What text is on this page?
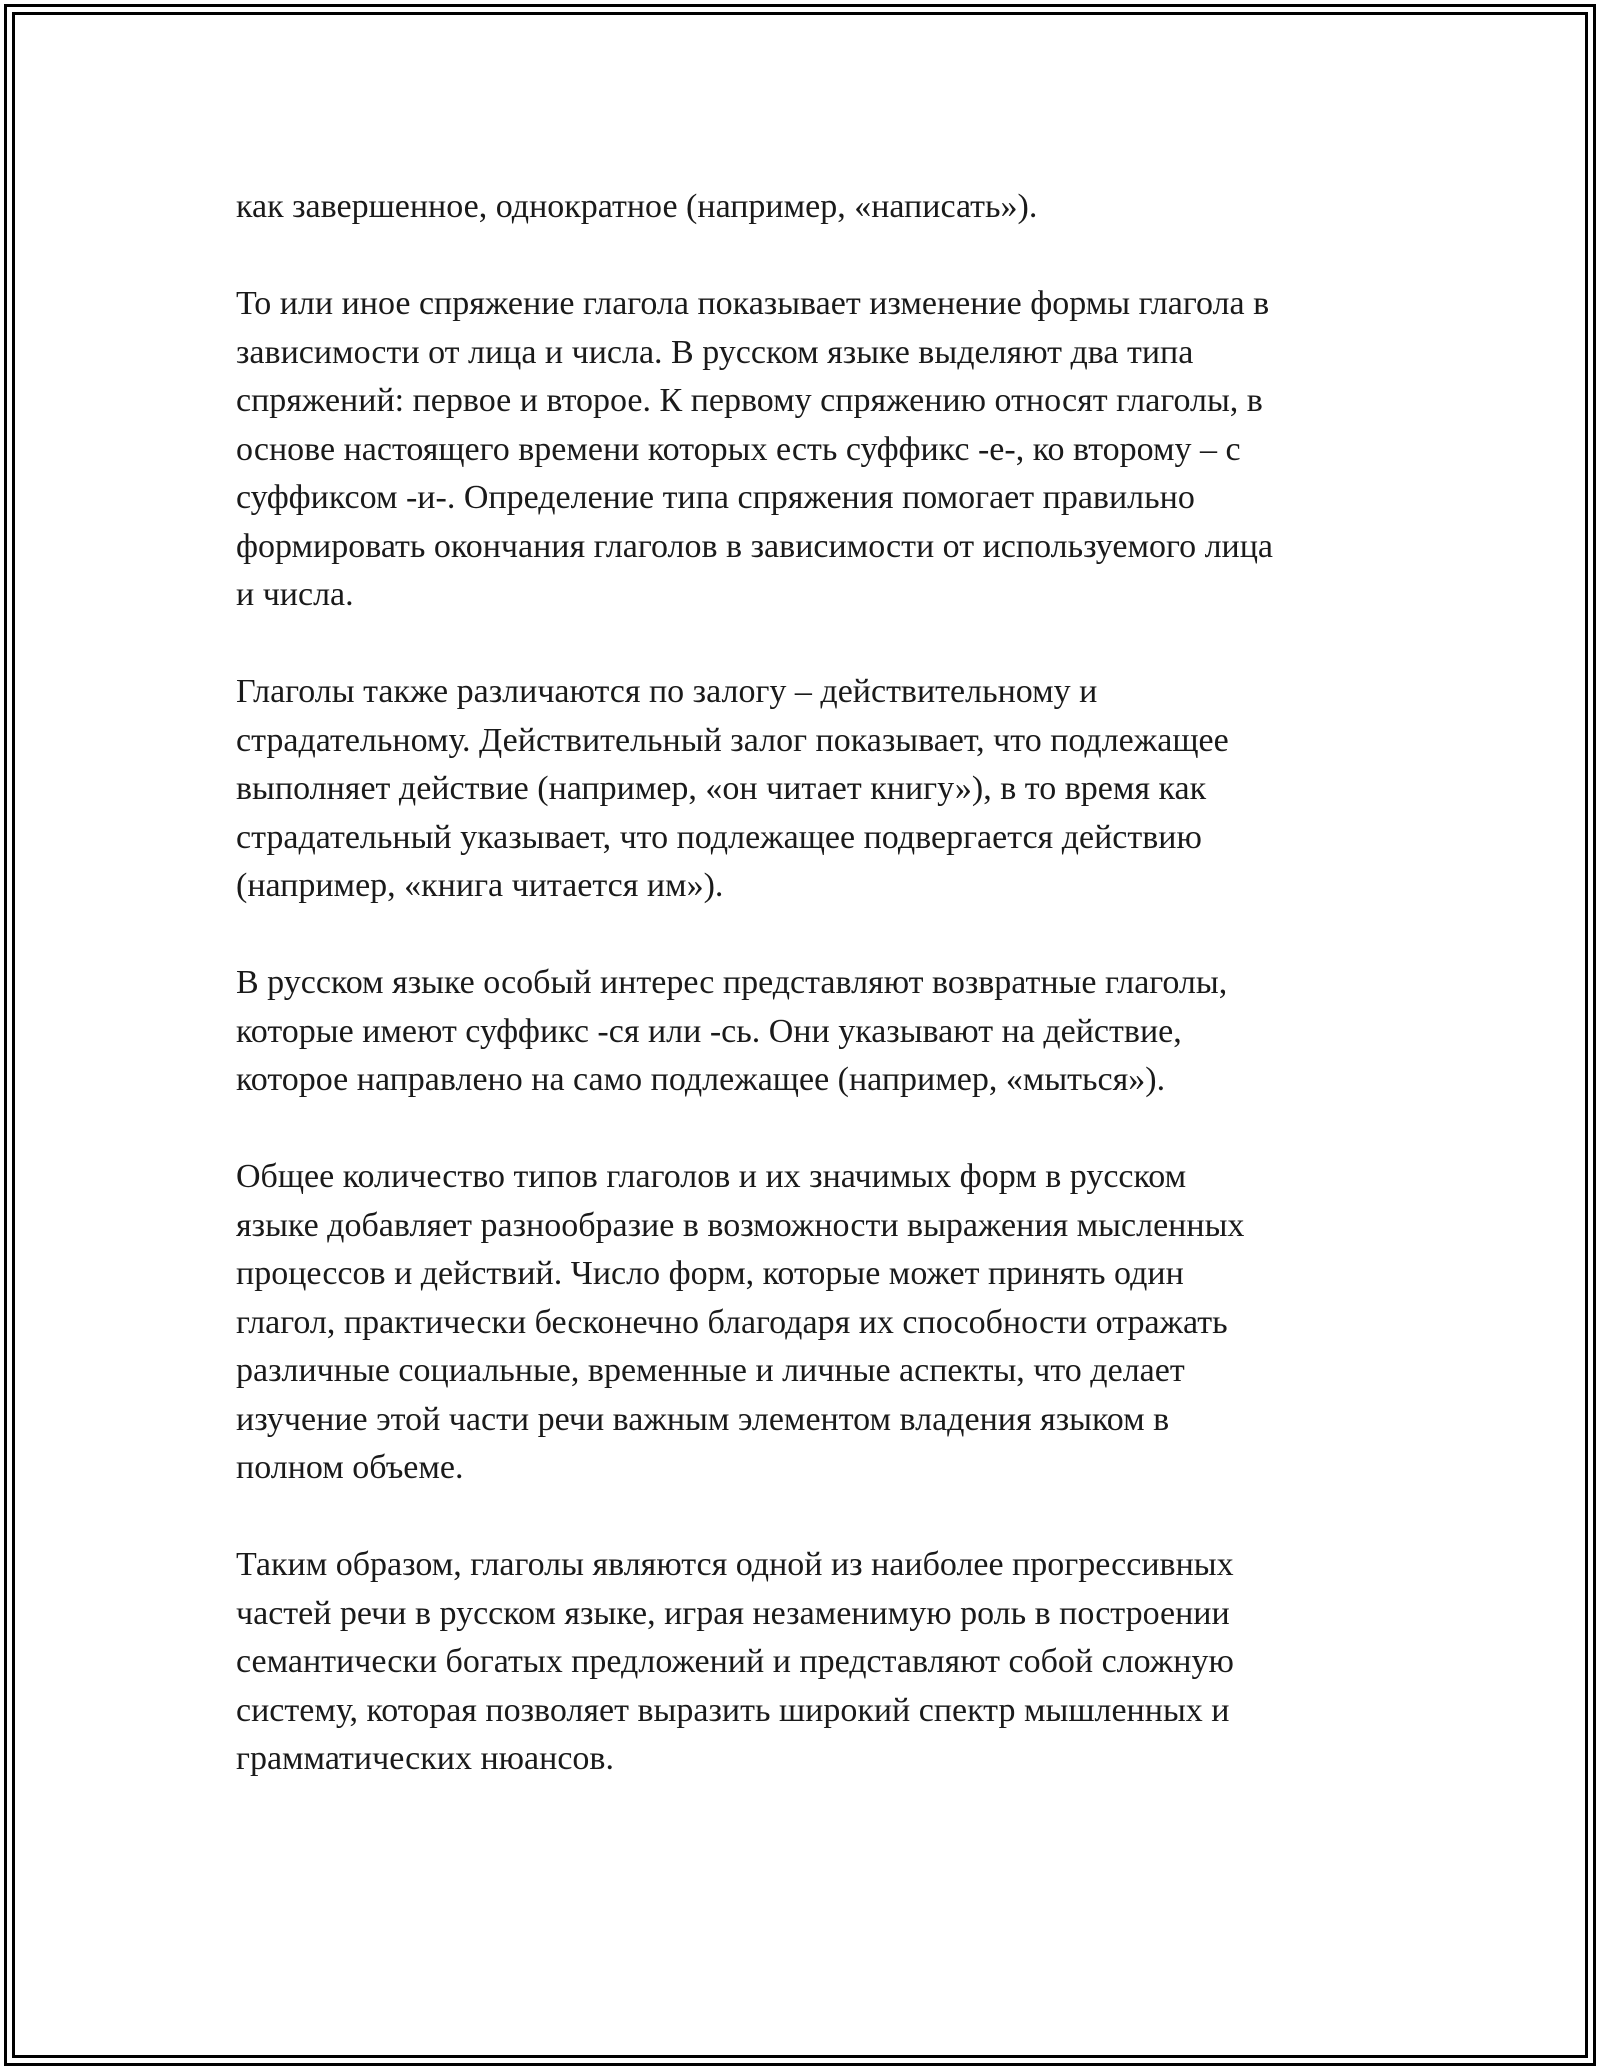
как завершенное, однократное (например, «написать»).

То или иное спряжение глагола показывает изменение формы глагола в
зависимости от лица и числа. В русском языке выделяют два типа
спряжений: первое и второе. К первому спряжению относят глаголы, в
основе настоящего времени которых есть суффикс -е-, ко второму – с
суффиксом -и-. Определение типа спряжения помогает правильно
формировать окончания глаголов в зависимости от используемого лица
и числа.

Глаголы также различаются по залогу – действительному и
страдательному. Действительный залог показывает, что подлежащее
выполняет действие (например, «он читает книгу»), в то время как
страдательный указывает, что подлежащее подвергается действию
(например, «книга читается им»).

В русском языке особый интерес представляют возвратные глаголы,
которые имеют суффикс -ся или -сь. Они указывают на действие,
которое направлено на само подлежащее (например, «мыться»).

Общее количество типов глаголов и их значимых форм в русском
языке добавляет разнообразие в возможности выражения мысленных
процессов и действий. Число форм, которые может принять один
глагол, практически бесконечно благодаря их способности отражать
различные социальные, временные и личные аспекты, что делает
изучение этой части речи важным элементом владения языком в
полном объеме.

Таким образом, глаголы являются одной из наиболее прогрессивных
частей речи в русском языке, играя незаменимую роль в построении
семантически богатых предложений и представляют собой сложную
систему, которая позволяет выразить широкий спектр мышленных и
грамматических нюансов.
